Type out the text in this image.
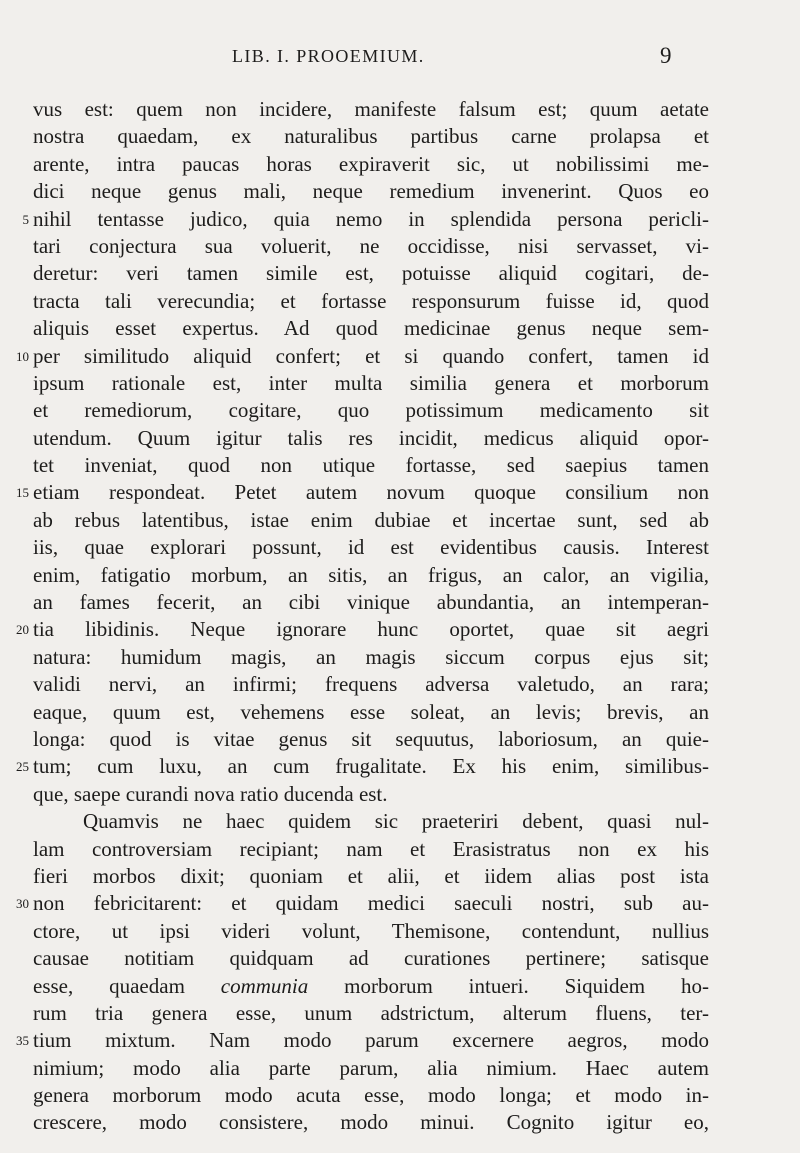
LIB. I. PROOEMIUM.	9
vus est: quem non incidere, manifeste falsum est; quum aetate
nostra quaedam, ex naturalibus partibus carne prolapsa et
arente, intra paucas horas expiraverit sic, ut nobilissimi me-
dici neque genus mali, neque remedium invenerint. Quos eo
5 nihil tentasse judico, quia nemo in splendida persona pericli-
tari conjectura sua voluerit, ne occidisse, nisi servasset, vi-
deretur: veri tamen simile est, potuisse aliquid cogitari, de-
tracta tali verecundia; et fortasse responsurum fuisse id, quod
aliquis esset expertus. Ad quod medicinae genus neque sem-
10 per similitudo aliquid confert; et si quando confert, tamen id
ipsum rationale est, inter multa similia genera et morborum
et remediorum, cogitare, quo potissimum medicamento sit
utendum. Quum igitur talis res incidit, medicus aliquid opor-
tet inveniat, quod non utique fortasse, sed saepius tamen
15 etiam respondeat. Petet autem novum quoque consilium non
ab rebus latentibus, istae enim dubiae et incertae sunt, sed ab
iis, quae explorari possunt, id est evidentibus causis. Interest
enim, fatigatio morbum, an sitis, an frigus, an calor, an vigilia,
an fames fecerit, an cibi vinique abundantia, an intemperan-
20 tia libidinis. Neque ignorare hunc oportet, quae sit aegri
natura: humidum magis, an magis siccum corpus ejus sit;
validi nervi, an infirmi; frequens adversa valetudo, an rara;
eaque, quum est, vehemens esse soleat, an levis; brevis, an
longa: quod is vitae genus sit sequutus, laboriosum, an quie-
25 tum; cum luxu, an cum frugalitate. Ex his enim, similibus-
que, saepe curandi nova ratio ducenda est.
Quamvis ne haec quidem sic praeteriri debent, quasi nul-
lam controversiam recipiant; nam et Erasistratus non ex his
fieri morbos dixit; quoniam et alii, et iidem alias post ista
30 non febricitarent: et quidam medici saeculi nostri, sub au-
ctore, ut ipsi videri volunt, Themisone, contendunt, nullius
causae notitiam quidquam ad curationes pertinere; satisque
esse, quaedam communia morborum intueri. Siquidem ho-
rum tria genera esse, unum adstrictum, alterum fluens, ter-
35 tium mixtum. Nam modo parum excernere aegros, modo
nimium; modo alia parte parum, alia nimium. Haec autem
genera morborum modo acuta esse, modo longa; et modo in-
crescere, modo consistere, modo minui. Cognito igitur eo,
